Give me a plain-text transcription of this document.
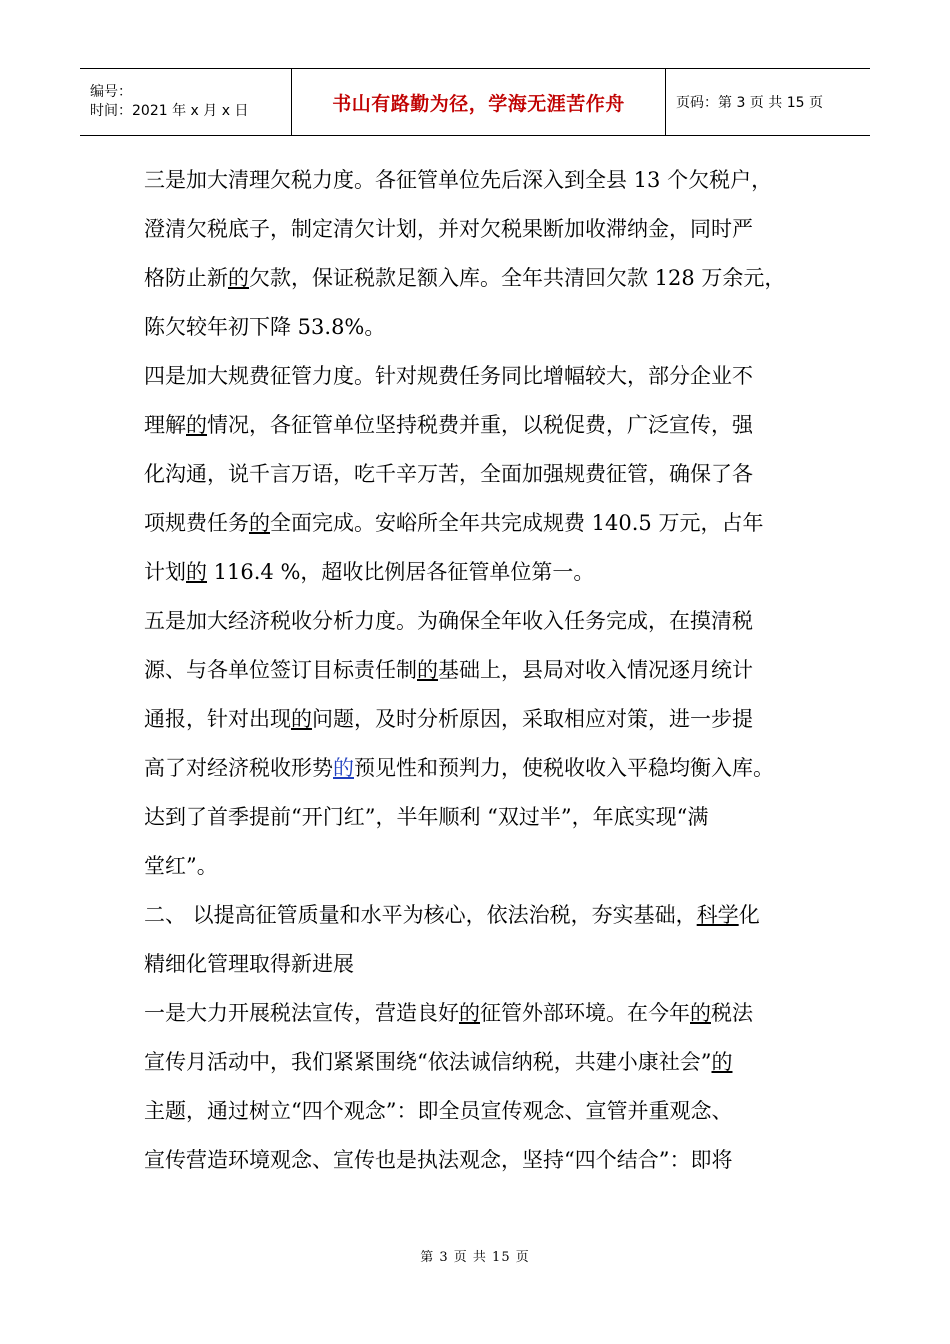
编号：
时间：2021 年 x 月 x 日	书山有路勤为径，学海无涯苦作舟	页码：第 3 页 共 15 页

三是加大清理欠税力度。各征管单位先后深入到全县 13 个欠税户，

澄清欠税底子，制定清欠计划，并对欠税果断加收滞纳金，同时严

格防止新的欠款，保证税款足额入库。全年共清回欠款 128 万余元，

陈欠较年初下降 53.8%。

四是加大规费征管力度。针对规费任务同比增幅较大，部分企业不

理解的情况，各征管单位坚持税费并重，以税促费，广泛宣传，强

化沟通，说千言万语，吃千辛万苦，全面加强规费征管，确保了各

项规费任务的全面完成。安峪所全年共完成规费 140.5 万元，占年

计划的 116.4 %，超收比例居各征管单位第一。

五是加大经济税收分析力度。为确保全年收入任务完成，在摸清税

源、与各单位签订目标责任制的基础上，县局对收入情况逐月统计

通报，针对出现的问题，及时分析原因，采取相应对策，进一步提

高了对经济税收形势的预见性和预判力，使税收收入平稳均衡入库。

达到了首季提前“开门红”，半年顺利 “双过半”，年底实现“满

堂红”。

二、 以提高征管质量和水平为核心，依法治税，夯实基础，科学化

精细化管理取得新进展

一是大力开展税法宣传，营造良好的征管外部环境。在今年的税法

宣传月活动中，我们紧紧围绕“依法诚信纳税，共建小康社会”的

主题，通过树立“四个观念”：即全员宣传观念、宣管并重观念、

宣传营造环境观念、宣传也是执法观念，坚持“四个结合”：即将

第 3 页 共 15 页
